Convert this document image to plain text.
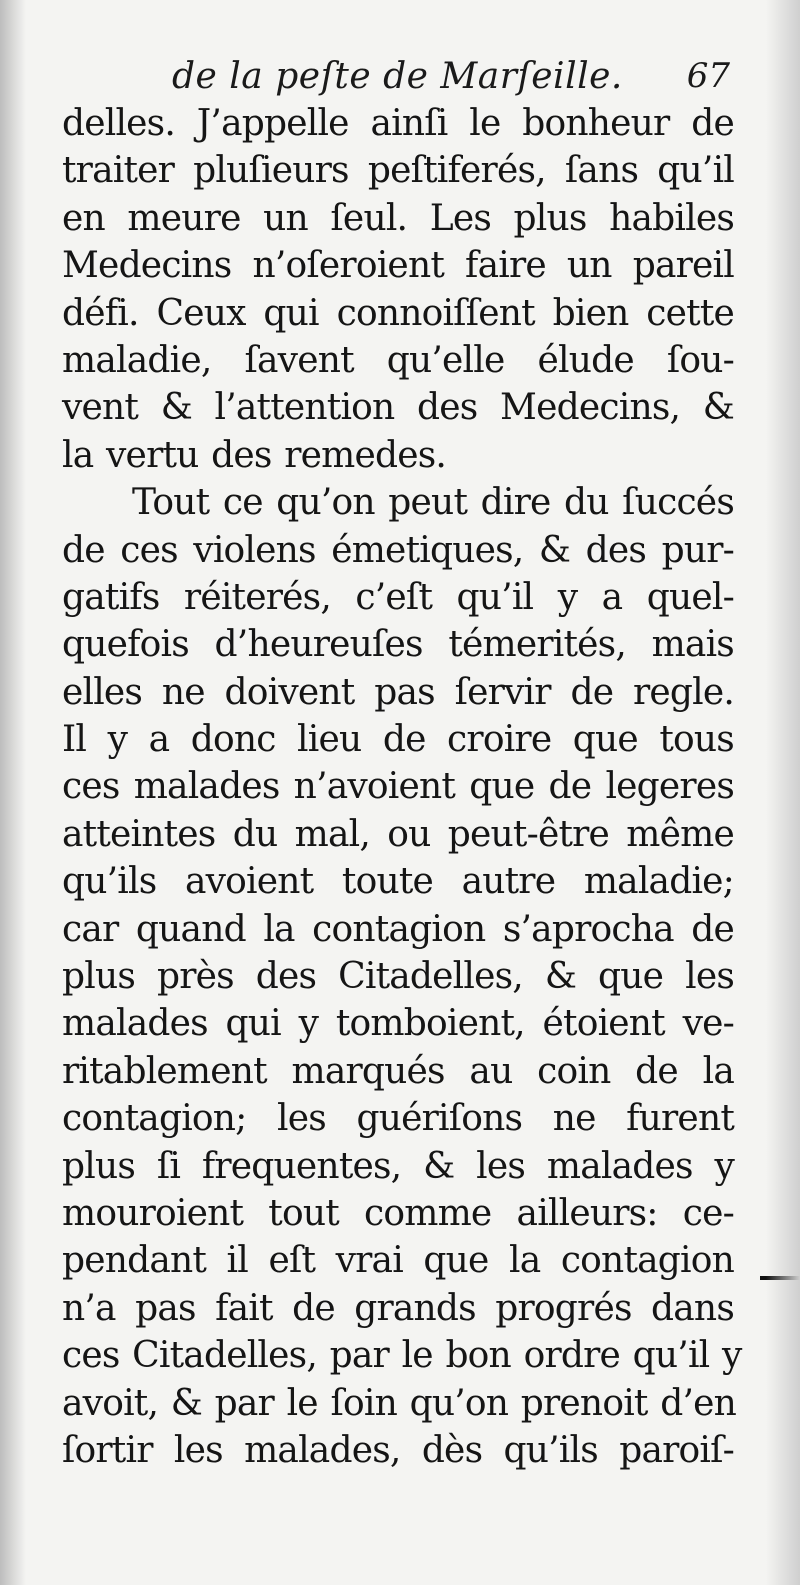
de la peſte de Marſeille. 67
delles. J’appelle ainſi le bonheur de
traiter pluſieurs peſtiferés, ſans qu’il
en meure un ſeul. Les plus habiles
Medecins n’oſeroient faire un pareil
défi. Ceux qui connoiſſent bien cette
maladie, ſavent qu’elle élude ſou-
vent & l’attention des Medecins, &
la vertu des remedes.
Tout ce qu’on peut dire du ſuccés
de ces violens émetiques, & des pur-
gatifs réiterés, c’eſt qu’il y a quel-
quefois d’heureuſes témerités, mais
elles ne doivent pas ſervir de regle.
Il y a donc lieu de croire que tous
ces malades n’avoient que de legeres
atteintes du mal, ou peut-être même
qu’ils avoient toute autre maladie;
car quand la contagion s’aprocha de
plus près des Citadelles, & que les
malades qui y tomboient, étoient ve-
ritablement marqués au coin de la
contagion; les guériſons ne furent
plus ſi frequentes, & les malades y
mouroient tout comme ailleurs: ce-
pendant il eſt vrai que la contagion
n’a pas fait de grands progrés dans
ces Citadelles, par le bon ordre qu’il y
avoit, & par le ſoin qu’on prenoit d’en
ſortir les malades, dès qu’ils paroiſ-
